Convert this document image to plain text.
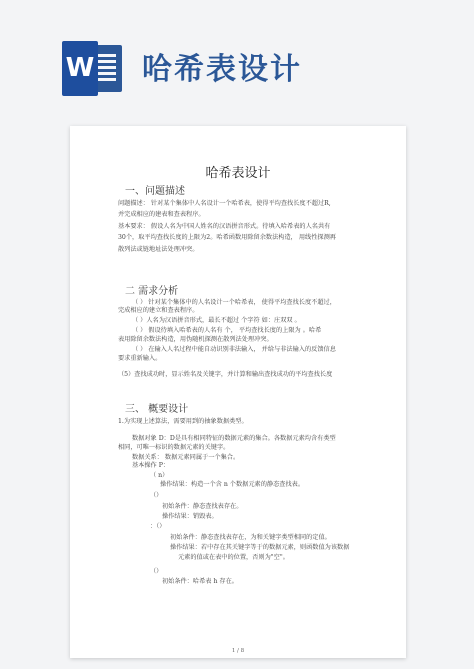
W 哈希表设计
哈希表设计
一、问题描述
问题描述： 针对某个集体中人名设计一个哈希表，使得平均查找长度不超过R,
并完成相应的建表和查表程序。
基本要求： 假设人名为中国人姓名的汉语拼音形式。待填入哈希表的人名共有
30个，取平均查找长度的上限为2。哈希函数用除留余数法构造， 用线性探测再
散列法或链地址法处理冲突。
二 需求分析
（ ） 针对某个集体中的人名设计一个哈希表， 使得平均查找长度不超过，
完成相应的建立和查表程序。
（ ）人名为汉语拼音形式，最长不超过 个字符 如：庄双双 。
（ ） 假设待填入哈希表的人名有 个， 平均查找长度的上限为 。哈希
表用除留余数法构造，用伪随机探测在散列法处理冲突。
（ ） 在输入人名过程中能自动识别非法输入， 并给与非法输入的反馈信息
要求重新输入。
（5）查找成功时，显示姓名及关键字，并计算和输出查找成功的平均查找长度
三、 概要设计
1.为实现上述算法，需要用到的抽象数据类型。
数据对象 D：D是具有相同特征的数据元素的集合。各数据元素均含有类型
相同，可唯一标识的数据元素的关键字。
数据关系： 数据元素同属于一个集合。
基本操作 P：
（ n）
操作结果：构造一个含 n 个数据元素的静态查找表。
（）
初始条件：静态查找表存在。
操作结果：销毁表。
：（）
初始条件：静态查找表存在，为和关键字类型相同的定值。
操作结果：若中存在其关键字等于的数据元素，则函数值为该数据
元素的值或在表中的位置，否则为"空"。
（）
初始条件：哈希表 h 存在。
1 / 8
